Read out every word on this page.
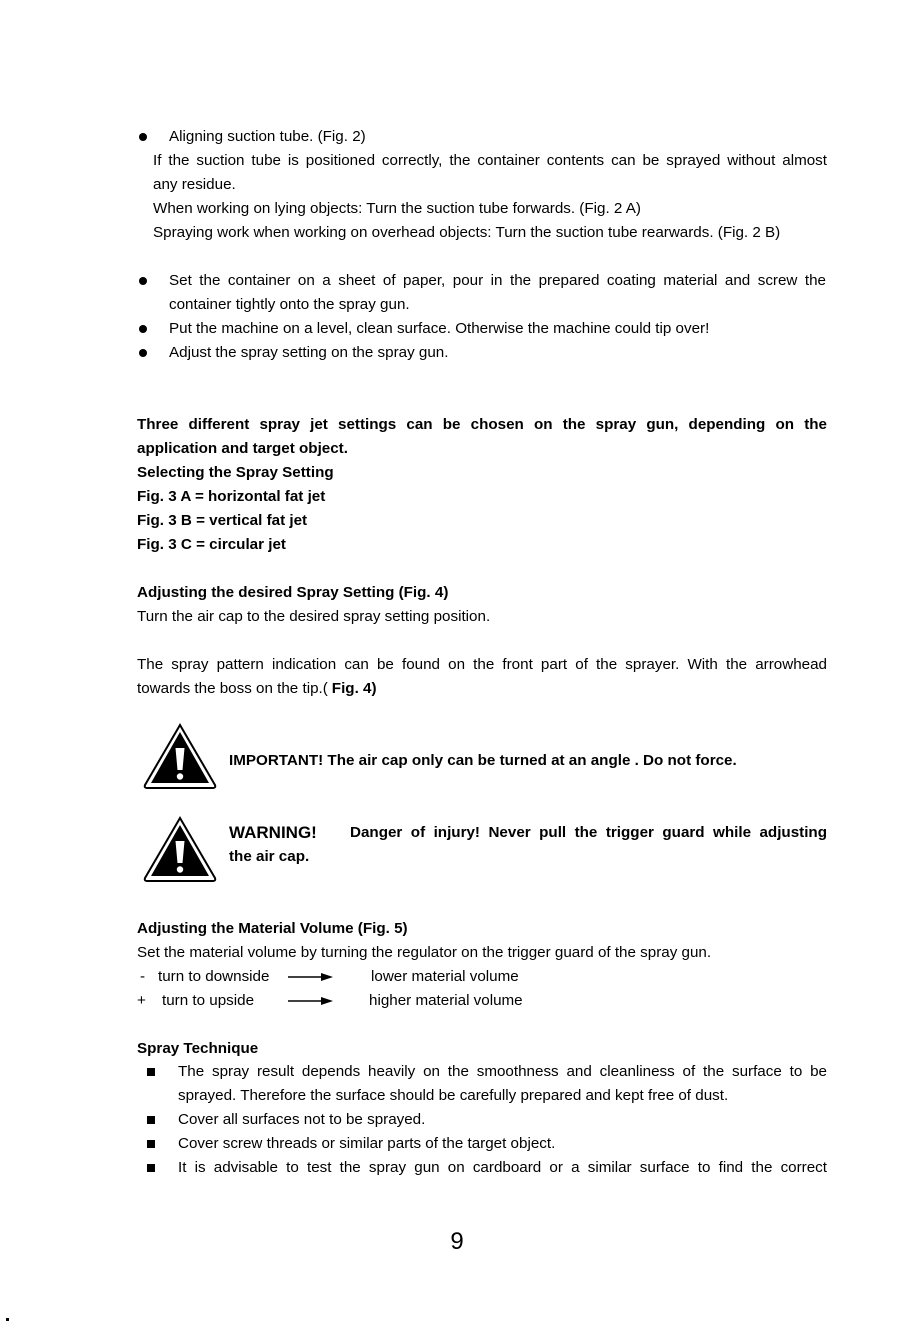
Aligning suction tube. (Fig. 2)
If the suction tube is positioned correctly, the container contents can be sprayed without almost
any residue.
When working on lying objects: Turn the suction tube forwards. (Fig. 2 A)
Spraying work when working on overhead objects: Turn the suction tube rearwards. (Fig. 2 B)
Set the container on a sheet of paper, pour in the prepared coating material and screw the
container tightly onto the spray gun.
Put the machine on a level, clean surface. Otherwise the machine could tip over!
Adjust the spray setting on the spray gun.
Three different spray jet settings can be chosen on the spray gun, depending on the
application and target object.
Selecting the Spray Setting
Fig. 3 A = horizontal fat jet
Fig. 3 B = vertical fat jet
Fig. 3 C = circular jet
Adjusting the desired Spray Setting (Fig. 4)
Turn the air cap to the desired spray setting position.
The spray pattern indication can be found on the front part of the sprayer. With the arrowhead
towards the boss on the tip.( Fig. 4)
IMPORTANT! The air cap only can be turned at an angle . Do not force.
WARNING! Danger of injury! Never pull the trigger guard while adjusting
the air cap.
Adjusting the Material Volume (Fig. 5)
Set the material volume by turning the regulator on the trigger guard of the spray gun.
- turn to downside	lower material volume
+ turn to upside	higher material volume
Spray Technique
The spray result depends heavily on the smoothness and cleanliness of the surface to be
sprayed. Therefore the surface should be carefully prepared and kept free of dust.
Cover all surfaces not to be sprayed.
Cover screw threads or similar parts of the target object.
It is advisable to test the spray gun on cardboard or a similar surface to find the correct
9
